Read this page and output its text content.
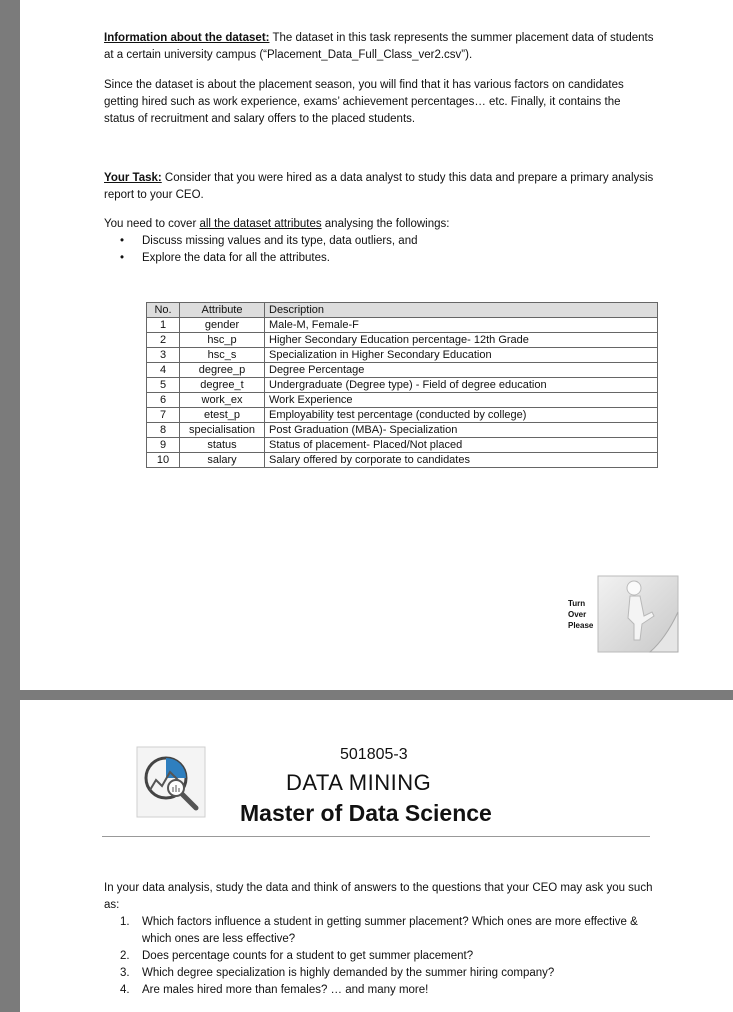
Information about the dataset: The dataset in this task represents the summer placement data of students at a certain university campus (“Placement_Data_Full_Class_ver2.csv”).
Since the dataset is about the placement season, you will find that it has various factors on candidates getting hired such as work experience, exams’ achievement percentages… etc. Finally, it contains the status of recruitment and salary offers to the placed students.
Your Task: Consider that you were hired as a data analyst to study this data and prepare a primary analysis report to your CEO.
You need to cover all the dataset attributes analysing the followings:
• Discuss missing values and its type, data outliers, and
• Explore the data for all the attributes.
No.	Attribute	Description
1	gender	Male-M, Female-F
2	hsc_p	Higher Secondary Education percentage- 12th Grade
3	hsc_s	Specialization in Higher Secondary Education
4	degree_p	Degree Percentage
5	degree_t	Undergraduate (Degree type) - Field of degree education
6	work_ex	Work Experience
7	etest_p	Employability test percentage (conducted by college)
8	specialisation	Post Graduation (MBA)- Specialization
9	status	Status of placement- Placed/Not placed
10	salary	Salary offered by corporate to candidates
Turn
Over
Please
501805-3
DATA MINING
Master of Data Science
In your data analysis, study the data and think of answers to the questions that your CEO may ask you such as:
1. Which factors influence a student in getting summer placement? Which ones are more effective & which ones are less effective?
2. Does percentage counts for a student to get summer placement?
3. Which degree specialization is highly demanded by the summer hiring company?
4. Are males hired more than females? … and many more!
